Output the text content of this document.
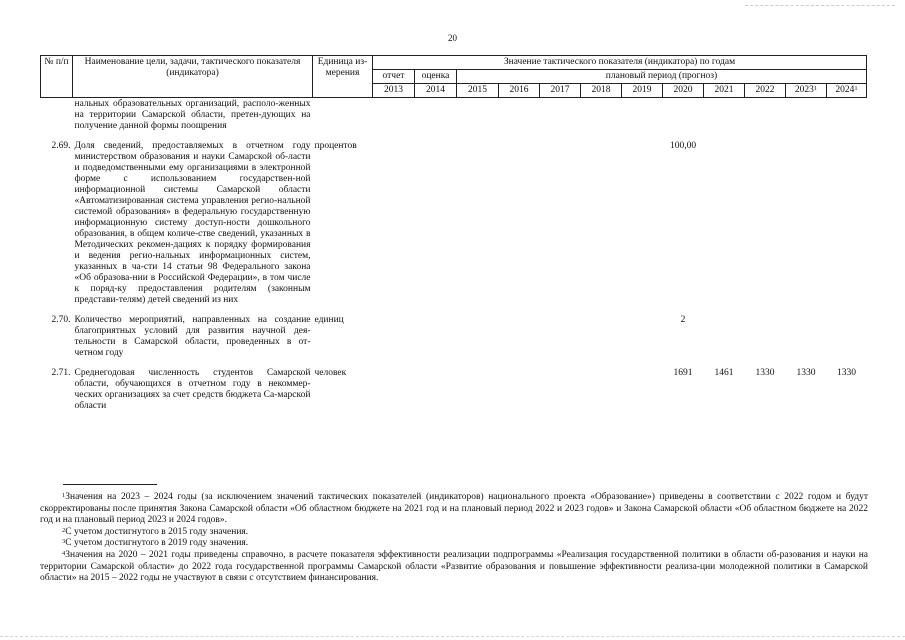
20
№ п/п	Наименование цели, задачи, тактического показателя (индикатора)	Единица из-мерения	Значение тактического показателя (индикатора) по годам											
			отчет	оценка	плановый период (прогноз)									
			2013	2014	2015	2016	2017	2018	2019	2020	2021	2022	2023$^1$	2024$^1$
	нальных образовательных организаций, располо-женных на территории Самарской области, претен-дующих на получение данной формы поощрения													
2.69.	Доля сведений, предоставляемых в отчетном году министерством образования и науки Самарской об-ласти и подведомственными ему организациями в электронной форме с использованием государствен-ной информационной системы Самарской области «Автоматизированная система управления регио-нальной системой образования» в федеральную государственную информационную систему доступ-ности дошкольного образования, в общем количе-стве сведений, указанных в Методических рекомен-дациях к порядку формирования и ведения регио-нальных информационных систем, указанных в ча-сти 14 статьи 98 Федерального закона «Об образова-нии в Российской Федерации», в том числе к поряд-ку предоставления родителям (законным представи-телям) детей сведений из них	процентов								100,00				
2.70.	Количество мероприятий, направленных на создание благоприятных условий для развития научной дея-тельности в Самарской области, проведенных в от-четном году	единиц								2				
2.71.	Среднегодовая численность студентов Самарской области, обучающихся в отчетном году в некоммер-ческих организациях за счет средств бюджета Са-марской области	человек								1691	1461	1330	1330	1330

$^1$Значения на 2023 – 2024 годы (за исключением значений тактических показателей (индикаторов) национального проекта «Образование») приведены в соответствии с 2022 годом и будут скорректированы после принятия Закона Самарской области «Об областном бюджете на 2021 год и на плановый период 2022 и 2023 годов» и Закона Самарской области «Об областном бюджете на 2022 год и на плановый период 2023 и 2024 годов».

$^2$С учетом достигнутого в 2015 году значения.

$^3$С учетом достигнутого в 2019 году значения.

$^4$Значения на 2020 – 2021 годы приведены справочно, в расчете показателя эффективности реализации подпрограммы «Реализация государственной политики в области об-разования и науки на территории Самарской области» до 2022 года государственной программы Самарской области «Развитие образования и повышение эффективности реализа-ции молодежной политики в Самарской области» на 2015 – 2022 годы не участвуют в связи с отсутствием финансирования.
